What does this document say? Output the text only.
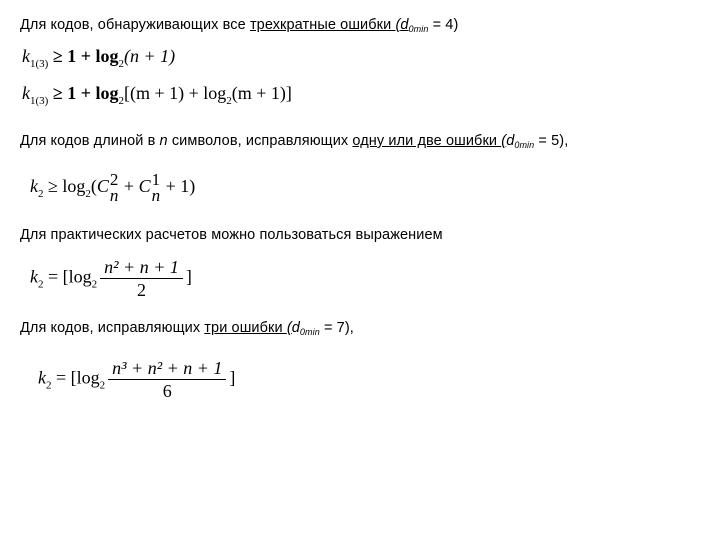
Для кодов, обнаруживающих все трехкратные ошибки $(d_{0min} = 4)$
$k_{1(3)} \ge 1 + \log_2(n + 1)$
$k_{1(3)} \ge 1 + \log_2[(m + 1) + \log_2(m + 1)]$
Для кодов длиной в n символов, исправляющих одну или две ошибки $(d_{0min} = 5)$,
$k_2 \ge \log_2(C$ 2
n + C 1
n + 1)
Для практических расчетов можно пользоваться выражением
$k_2 = [\log_2 \frac{\text{n² + n + 1}}{2}$ ]
Для кодов, исправляющих три ошибки $(d_{0min} = 7)$,
$k_2 = [\log_2 \frac{\text{n³ + n² + n + 1}}{6}$ ]
